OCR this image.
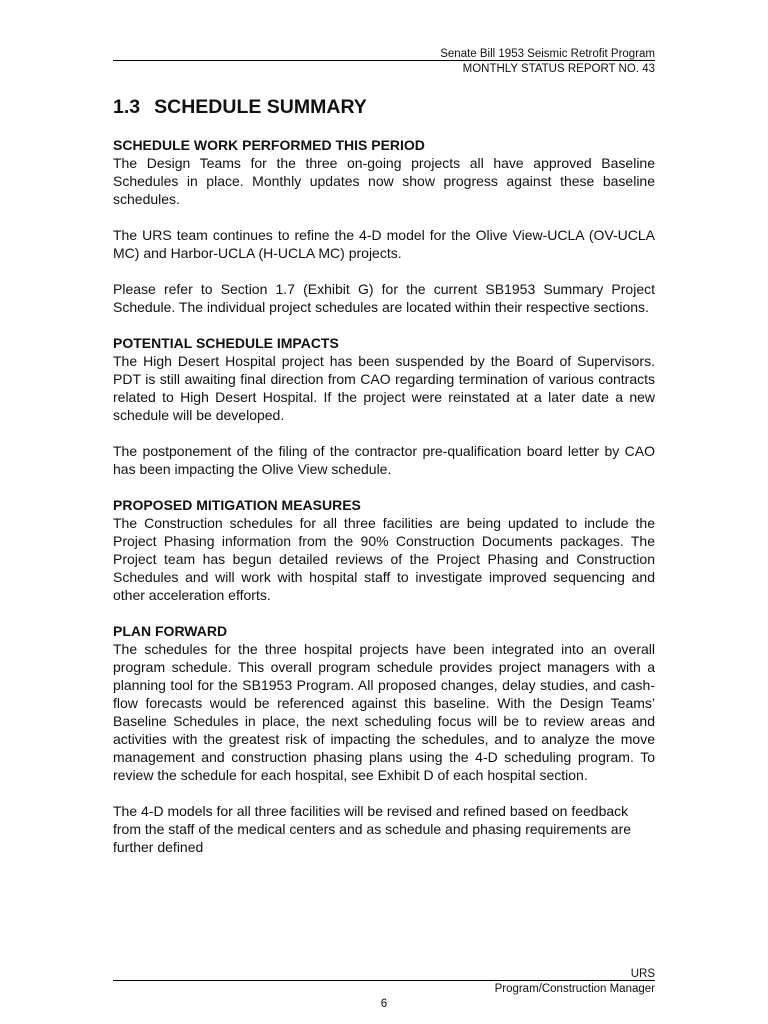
Senate Bill 1953 Seismic Retrofit Program
MONTHLY STATUS REPORT NO. 43
1.3 SCHEDULE SUMMARY
SCHEDULE WORK PERFORMED THIS PERIOD

The Design Teams for the three on-going projects all have approved Baseline Schedules in place. Monthly updates now show progress against these baseline schedules.

The URS team continues to refine the 4-D model for the Olive View-UCLA (OV-UCLA MC) and Harbor-UCLA (H-UCLA MC) projects.

Please refer to Section 1.7 (Exhibit G) for the current SB1953 Summary Project Schedule. The individual project schedules are located within their respective sections.

POTENTIAL SCHEDULE IMPACTS

The High Desert Hospital project has been suspended by the Board of Supervisors. PDT is still awaiting final direction from CAO regarding termination of various contracts related to High Desert Hospital. If the project were reinstated at a later date a new schedule will be developed.

The postponement of the filing of the contractor pre-qualification board letter by CAO has been impacting the Olive View schedule.

PROPOSED MITIGATION MEASURES

The Construction schedules for all three facilities are being updated to include the Project Phasing information from the 90% Construction Documents packages. The Project team has begun detailed reviews of the Project Phasing and Construction Schedules and will work with hospital staff to investigate improved sequencing and other acceleration efforts.

PLAN FORWARD

The schedules for the three hospital projects have been integrated into an overall program schedule. This overall program schedule provides project managers with a planning tool for the SB1953 Program. All proposed changes, delay studies, and cash-flow forecasts would be referenced against this baseline. With the Design Teams’ Baseline Schedules in place, the next scheduling focus will be to review areas and activities with the greatest risk of impacting the schedules, and to analyze the move management and construction phasing plans using the 4-D scheduling program. To review the schedule for each hospital, see Exhibit D of each hospital section.

The 4-D models for all three facilities will be revised and refined based on feedback from the staff of the medical centers and as schedule and phasing requirements are further defined

URS
Program/Construction Manager
6
